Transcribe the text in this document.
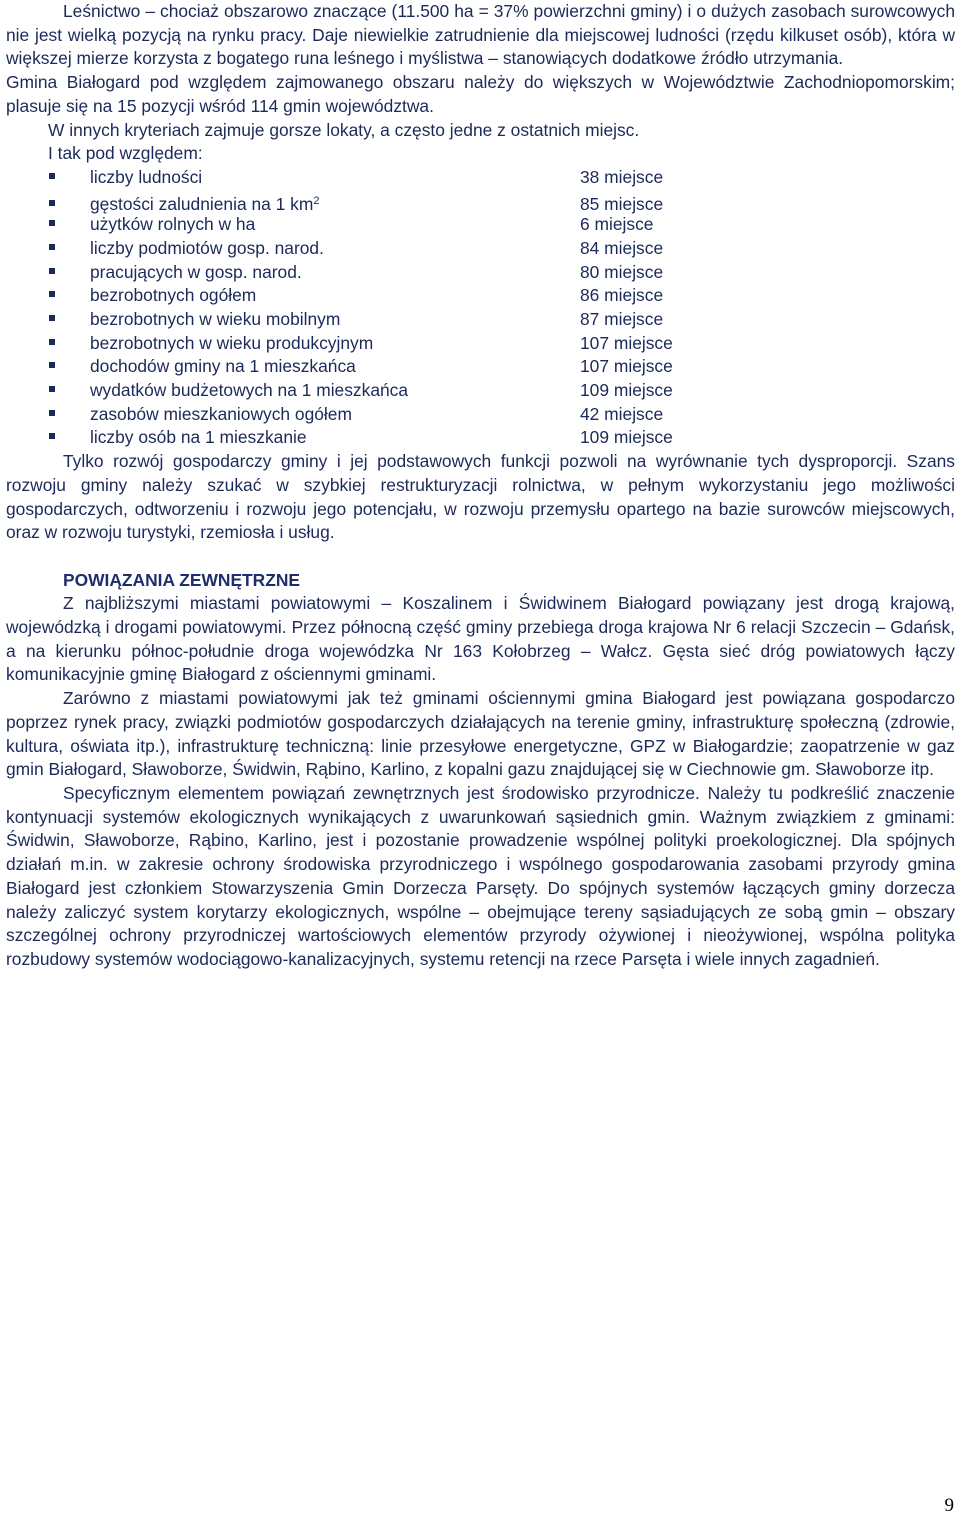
Leśnictwo – chociaż obszarowo znaczące (11.500 ha = 37% powierzchni gminy) i o dużych zasobach surowcowych nie jest wielką pozycją na rynku pracy. Daje niewielkie zatrudnienie dla miejscowej ludności (rzędu kilkuset osób), która w większej mierze korzysta z bogatego runa leśnego i myślistwa – stanowiących dodatkowe źródło utrzymania.

Gmina Białogard pod względem zajmowanego obszaru należy do większych w Województwie Zachodniopomorskim; plasuje się na 15 pozycji wśród 114 gmin województwa.

W innych kryteriach zajmuje gorsze lokaty, a często jedne z ostatnich miejsc.

I tak pod względem:

liczby ludności	38 miejsce
gęstości zaludnienia na 1 $km^2$	85 miejsce
użytków rolnych w ha	6 miejsce
liczby podmiotów gosp. narod.	84 miejsce
pracujących w gosp. narod.	80 miejsce
bezrobotnych ogółem	86 miejsce
bezrobotnych w wieku mobilnym	87 miejsce
bezrobotnych w wieku produkcyjnym	107 miejsce
dochodów gminy na 1 mieszkańca	107 miejsce
wydatków budżetowych na 1 mieszkańca	109 miejsce
zasobów mieszkaniowych ogółem	42 miejsce
liczby osób na 1 mieszkanie	109 miejsce

Tylko rozwój gospodarczy gminy i jej podstawowych funkcji pozwoli na wyrównanie tych dysproporcji. Szans rozwoju gminy należy szukać w szybkiej restrukturyzacji rolnictwa, w pełnym wykorzystaniu jego możliwości gospodarczych, odtworzeniu i rozwoju jego potencjału, w rozwoju przemysłu opartego na bazie surowców miejscowych, oraz w rozwoju turystyki, rzemiosła i usług.

POWIĄZANIA ZEWNĘTRZNE

Z najbliższymi miastami powiatowymi – Koszalinem i Świdwinem Białogard powiązany jest drogą krajową, wojewódzką i drogami powiatowymi. Przez północną część gminy przebiega droga krajowa Nr 6 relacji Szczecin – Gdańsk, a na kierunku północ-południe droga wojewódzka Nr 163 Kołobrzeg – Wałcz. Gęsta sieć dróg powiatowych łączy komunikacyjnie gminę Białogard z ościennymi gminami.

Zarówno z miastami powiatowymi jak też gminami ościennymi gmina Białogard jest powiązana gospodarczo poprzez rynek pracy, związki podmiotów gospodarczych działających na terenie gminy, infrastrukturę społeczną (zdrowie, kultura, oświata itp.), infrastrukturę techniczną: linie przesyłowe energetyczne, GPZ w Białogardzie; zaopatrzenie w gaz gmin Białogard, Sławoborze, Świdwin, Rąbino, Karlino, z kopalni gazu znajdującej się w Ciechnowie gm. Sławoborze itp.

Specyficznym elementem powiązań zewnętrznych jest środowisko przyrodnicze. Należy tu podkreślić znaczenie kontynuacji systemów ekologicznych wynikających z uwarunkowań sąsiednich gmin. Ważnym związkiem z gminami: Świdwin, Sławoborze, Rąbino, Karlino, jest i pozostanie prowadzenie wspólnej polityki proekologicznej. Dla spójnych działań m.in. w zakresie ochrony środowiska przyrodniczego i wspólnego gospodarowania zasobami przyrody gmina Białogard jest członkiem Stowarzyszenia Gmin Dorzecza Parsęty. Do spójnych systemów łączących gminy dorzecza należy zaliczyć system korytarzy ekologicznych, wspólne – obejmujące tereny sąsiadujących ze sobą gmin – obszary szczególnej ochrony przyrodniczej wartościowych elementów przyrody ożywionej i nieożywionej, wspólna polityka rozbudowy systemów wodociągowo-kanalizacyjnych, systemu retencji na rzece Parsęta i wiele innych zagadnień.

9
